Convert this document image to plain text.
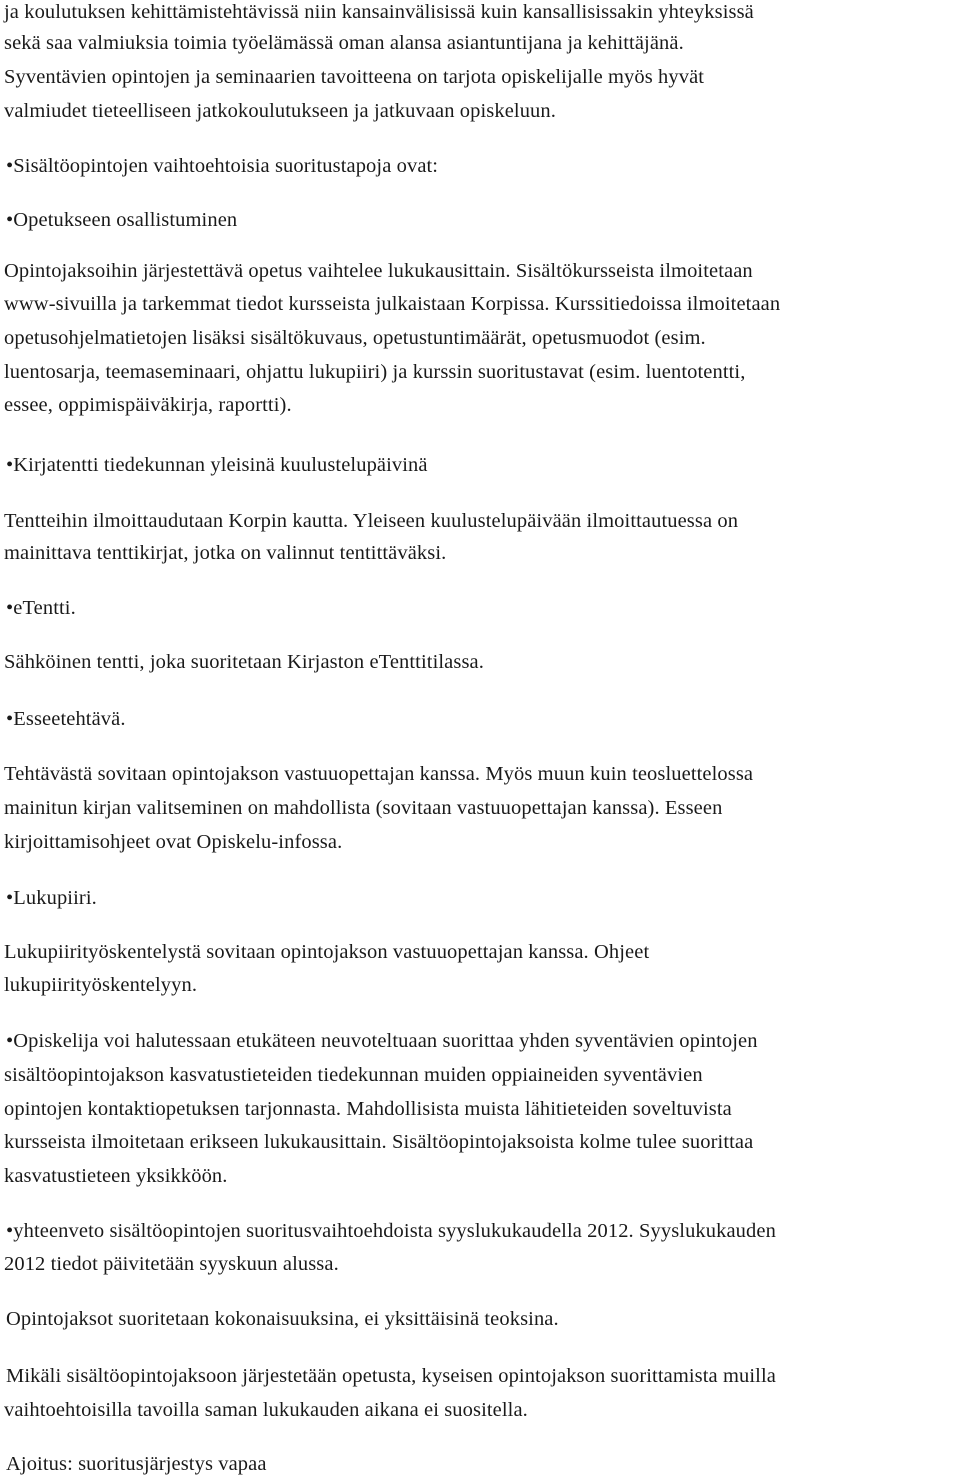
ja koulutuksen kehittämistehtävissä niin kansainvälisissä kuin kansallisissakin yhteyksissä
sekä saa valmiuksia toimia työelämässä oman alansa asiantuntijana ja kehittäjänä.
Syventävien opintojen ja seminaarien tavoitteena on tarjota opiskelijalle myös hyvät
valmiudet tieteelliseen jatkokoulutukseen ja jatkuvaan opiskeluun.
•Sisältöopintojen vaihtoehtoisia suoritustapoja ovat:
•Opetukseen osallistuminen
Opintojaksoihin järjestettävä opetus vaihtelee lukukausittain. Sisältökursseista ilmoitetaan
www-sivuilla ja tarkemmat tiedot kursseista julkaistaan Korpissa. Kurssitiedoissa ilmoitetaan
opetusohjelmatietojen lisäksi sisältökuvaus, opetustuntimäärät, opetusmuodot (esim.
luentosarja, teemaseminaari, ohjattu lukupiiri) ja kurssin suoritustavat (esim. luentotentti,
essee, oppimispäiväkirja, raportti).
•Kirjatentti tiedekunnan yleisinä kuulustelupäivinä
Tentteihin ilmoittaudutaan Korpin kautta. Yleiseen kuulustelupäivään ilmoittautuessa on
mainittava tenttikirjat, jotka on valinnut tentittäväksi.
•eTentti.
Sähköinen tentti, joka suoritetaan Kirjaston eTenttitilassa.
•Esseetehtävä.
Tehtävästä sovitaan opintojakson vastuuopettajan kanssa. Myös muun kuin teosluettelossa
mainitun kirjan valitseminen on mahdollista (sovitaan vastuuopettajan kanssa). Esseen
kirjoittamisohjeet ovat Opiskelu-infossa.
•Lukupiiri.
Lukupiirityöskentelystä sovitaan opintojakson vastuuopettajan kanssa. Ohjeet
lukupiirityöskentelyyn.
•Opiskelija voi halutessaan etukäteen neuvoteltuaan suorittaa yhden syventävien opintojen
sisältöopintojakson kasvatustieteiden tiedekunnan muiden oppiaineiden syventävien
opintojen kontaktiopetuksen tarjonnasta. Mahdollisista muista lähitieteiden soveltuvista
kursseista ilmoitetaan erikseen lukukausittain. Sisältöopintojaksoista kolme tulee suorittaa
kasvatustieteen yksikköön.
•yhteenveto sisältöopintojen suoritusvaihtoehdoista syyslukukaudella 2012. Syyslukukauden
2012 tiedot päivitetään syyskuun alussa.
Opintojaksot suoritetaan kokonaisuuksina, ei yksittäisinä teoksina.
Mikäli sisältöopintojaksoon järjestetään opetusta, kyseisen opintojakson suorittamista muilla
vaihtoehtoisilla tavoilla saman lukukauden aikana ei suositella.
Ajoitus: suoritusjärjestys vapaa
